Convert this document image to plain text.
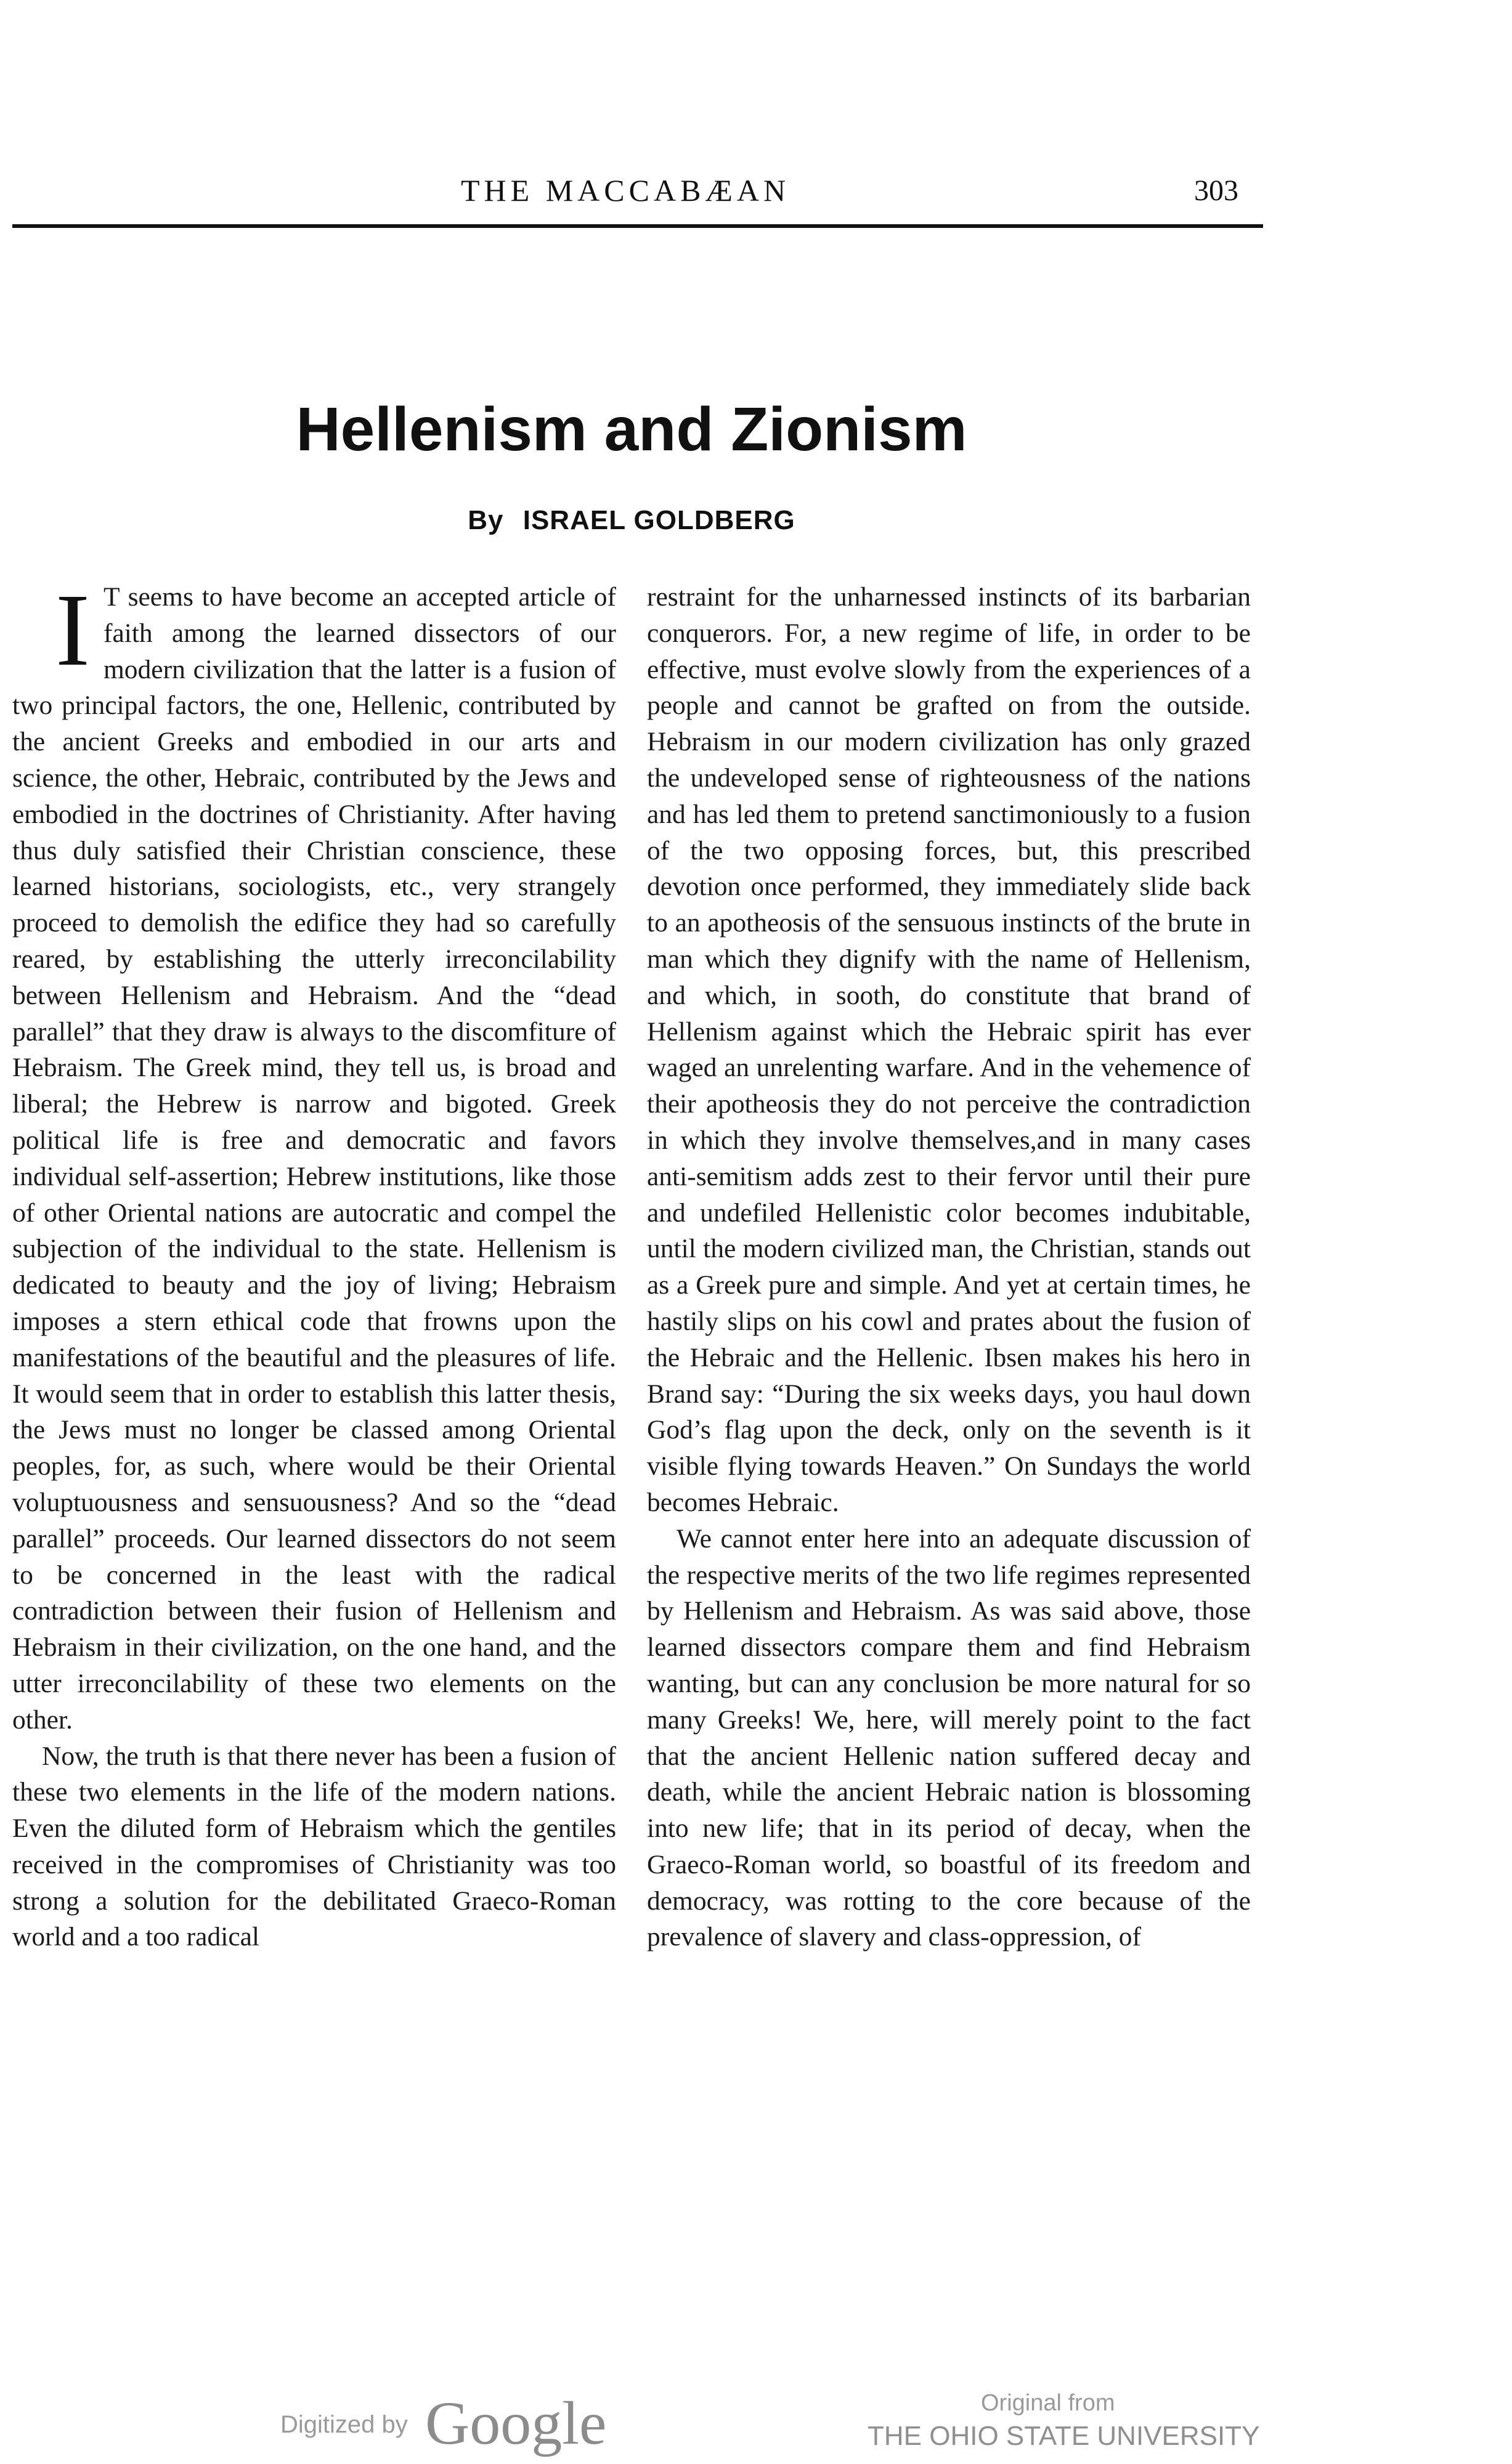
THE MACCABÆAN	303
Hellenism and Zionism
By ISRAEL GOLDBERG

I T seems to have become an accepted article of faith among the learned dissectors of our modern civilization that the latter is a fusion of two principal factors, the one, Hellenic, contributed by the ancient Greeks and embodied in our arts and science, the other, Hebraic, contributed by the Jews and embodied in the doctrines of Christianity. After having thus duly satisfied their Christian conscience, these learned historians, sociologists, etc., very strangely proceed to demolish the edifice they had so carefully reared, by establishing the utterly irreconcilability between Hellenism and Hebraism. And the “dead parallel” that they draw is always to the discomfiture of Hebraism. The Greek mind, they tell us, is broad and liberal; the Hebrew is narrow and bigoted. Greek political life is free and democratic and favors individual self-assertion; Hebrew institutions, like those of other Oriental nations are autocratic and compel the subjection of the individual to the state. Hellenism is dedicated to beauty and the joy of living; Hebraism imposes a stern ethical code that frowns upon the manifestations of the beautiful and the pleasures of life. It would seem that in order to establish this latter thesis, the Jews must no longer be classed among Oriental peoples, for, as such, where would be their Oriental voluptuousness and sensuousness? And so the “dead parallel” proceeds. Our learned dissectors do not seem to be concerned in the least with the radical contradiction between their fusion of Hellenism and Hebraism in their civilization, on the one hand, and the utter irreconcilability of these two elements on the other.

Now, the truth is that there never has been a fusion of these two elements in the life of the modern nations. Even the diluted form of Hebraism which the gentiles received in the compromises of Christianity was too strong a solution for the debilitated Graeco-Roman world and a too radical

restraint for the unharnessed instincts of its barbarian conquerors. For, a new regime of life, in order to be effective, must evolve slowly from the experiences of a people and cannot be grafted on from the outside. Hebraism in our modern civilization has only grazed the undeveloped sense of righteousness of the nations and has led them to pretend sanctimoniously to a fusion of the two opposing forces, but, this prescribed devotion once performed, they immediately slide back to an apotheosis of the sensuous instincts of the brute in man which they dignify with the name of Hellenism, and which, in sooth, do constitute that brand of Hellenism against which the Hebraic spirit has ever waged an unrelenting warfare. And in the vehemence of their apotheosis they do not perceive the contradiction in which they involve themselves,and in many cases anti-semitism adds zest to their fervor until their pure and undefiled Hellenistic color becomes indubitable, until the modern civilized man, the Christian, stands out as a Greek pure and simple. And yet at certain times, he hastily slips on his cowl and prates about the fusion of the Hebraic and the Hellenic. Ibsen makes his hero in Brand say: “During the six weeks days, you haul down God’s flag upon the deck, only on the seventh is it visible flying towards Heaven.” On Sundays the world becomes Hebraic.

We cannot enter here into an adequate discussion of the respective merits of the two life regimes represented by Hellenism and Hebraism. As was said above, those learned dissectors compare them and find Hebraism wanting, but can any conclusion be more natural for so many Greeks! We, here, will merely point to the fact that the ancient Hellenic nation suffered decay and death, while the ancient Hebraic nation is blossoming into new life; that in its period of decay, when the Graeco-Roman world, so boastful of its freedom and democracy, was rotting to the core because of the prevalence of slavery and class-oppression, of

Digitized by Google	Original from
THE OHIO STATE UNIVERSITY
